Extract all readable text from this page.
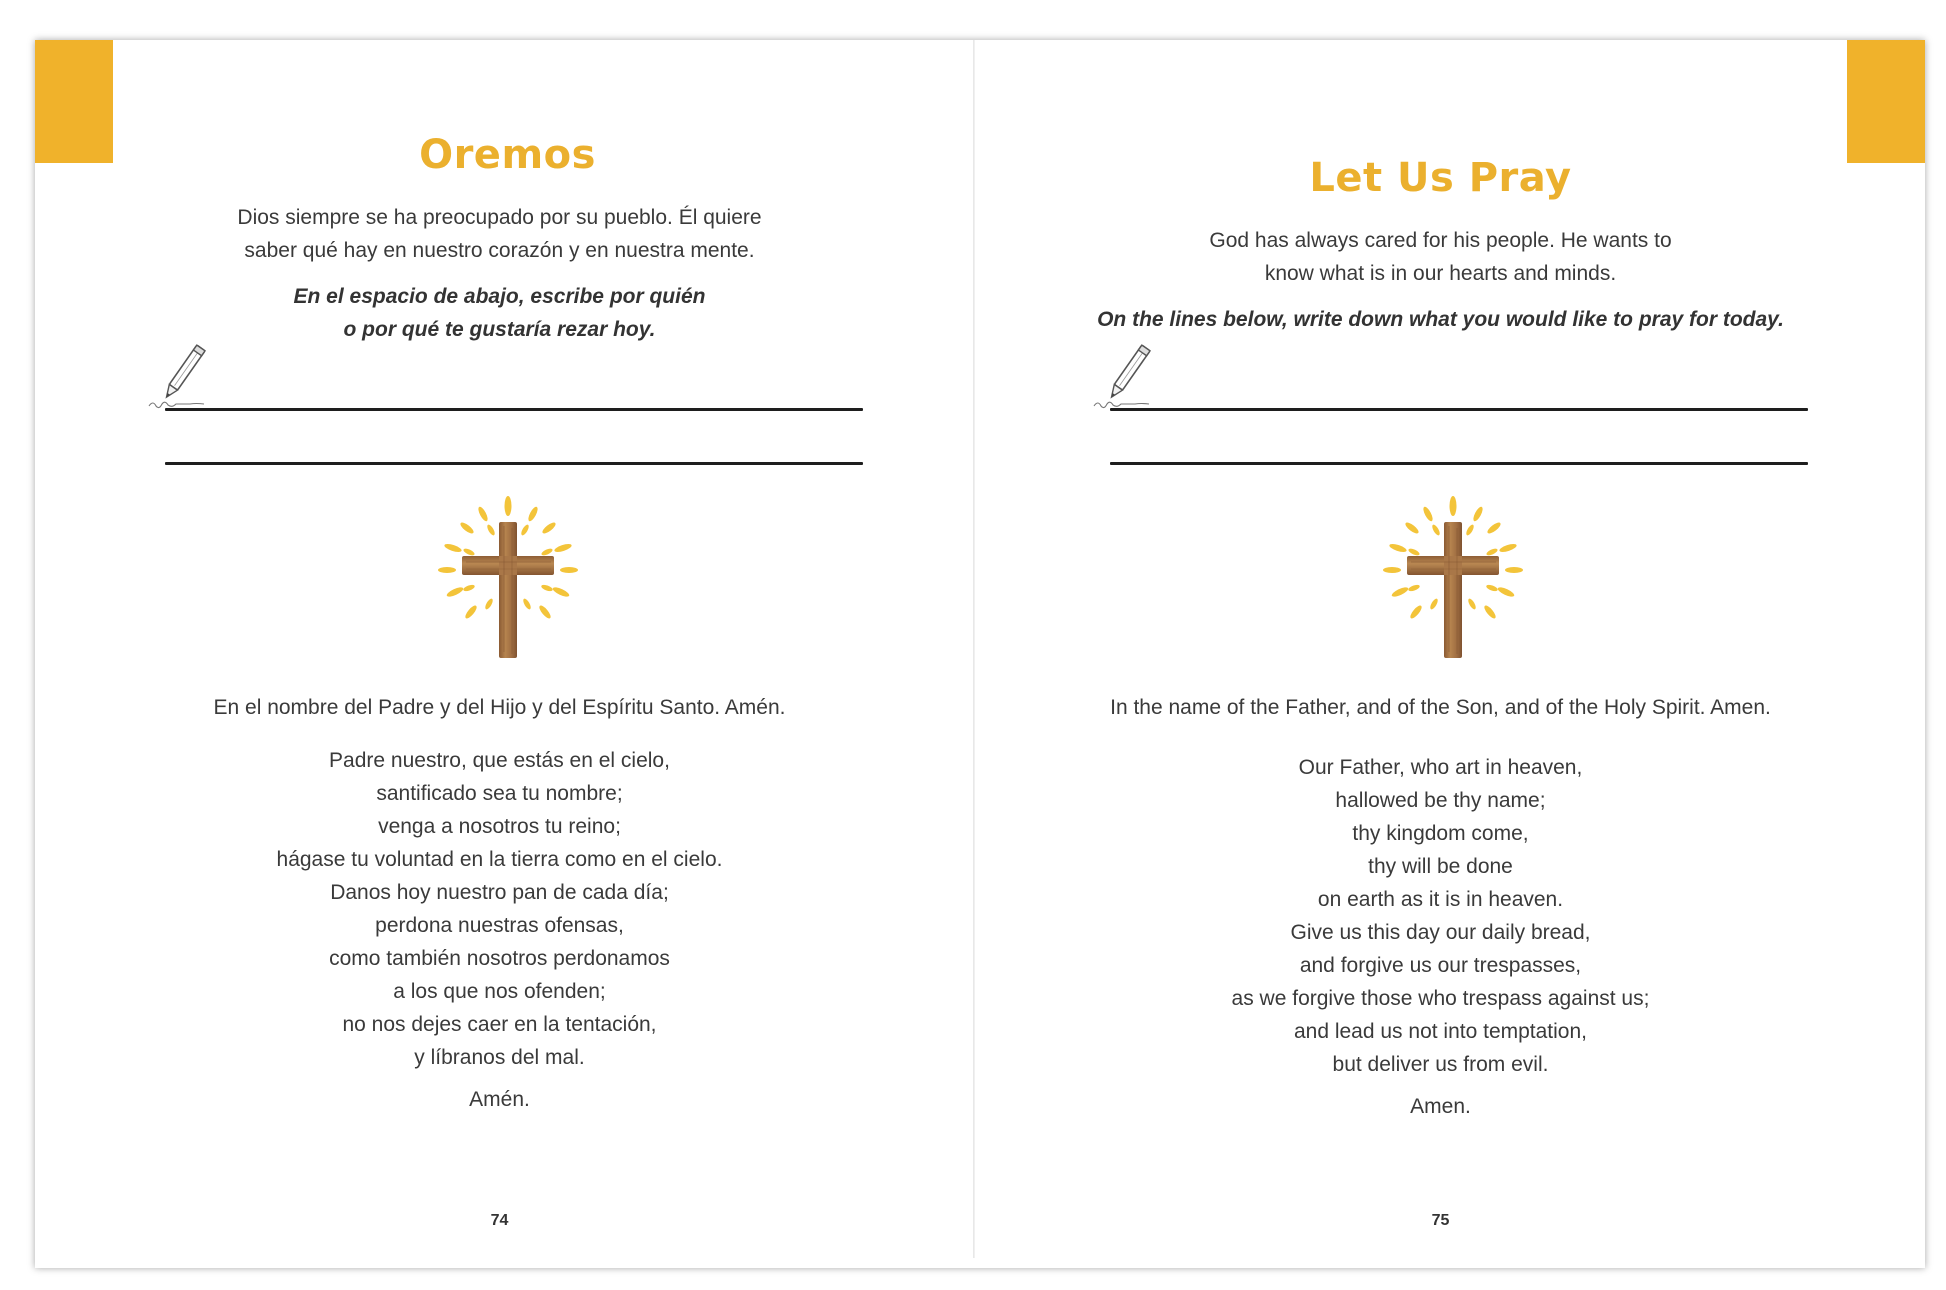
Oremos
Dios siempre se ha preocupado por su pueblo. Él quiere
saber qué hay en nuestro corazón y en nuestra mente.
En el espacio de abajo, escribe por quién
o por qué te gustaría rezar hoy.
En el nombre del Padre y del Hijo y del Espíritu Santo. Amén.
Padre nuestro, que estás en el cielo,
santificado sea tu nombre;
venga a nosotros tu reino;
hágase tu voluntad en la tierra como en el cielo.
Danos hoy nuestro pan de cada día;
perdona nuestras ofensas,
como también nosotros perdonamos
a los que nos ofenden;
no nos dejes caer en la tentación,
y líbranos del mal.
Amén.
74
Let Us Pray
God has always cared for his people. He wants to
know what is in our hearts and minds.
On the lines below, write down what you would like to pray for today.
In the name of the Father, and of the Son, and of the Holy Spirit. Amen.
Our Father, who art in heaven,
hallowed be thy name;
thy kingdom come,
thy will be done
on earth as it is in heaven.
Give us this day our daily bread,
and forgive us our trespasses,
as we forgive those who trespass against us;
and lead us not into temptation,
but deliver us from evil.
Amen.
75
